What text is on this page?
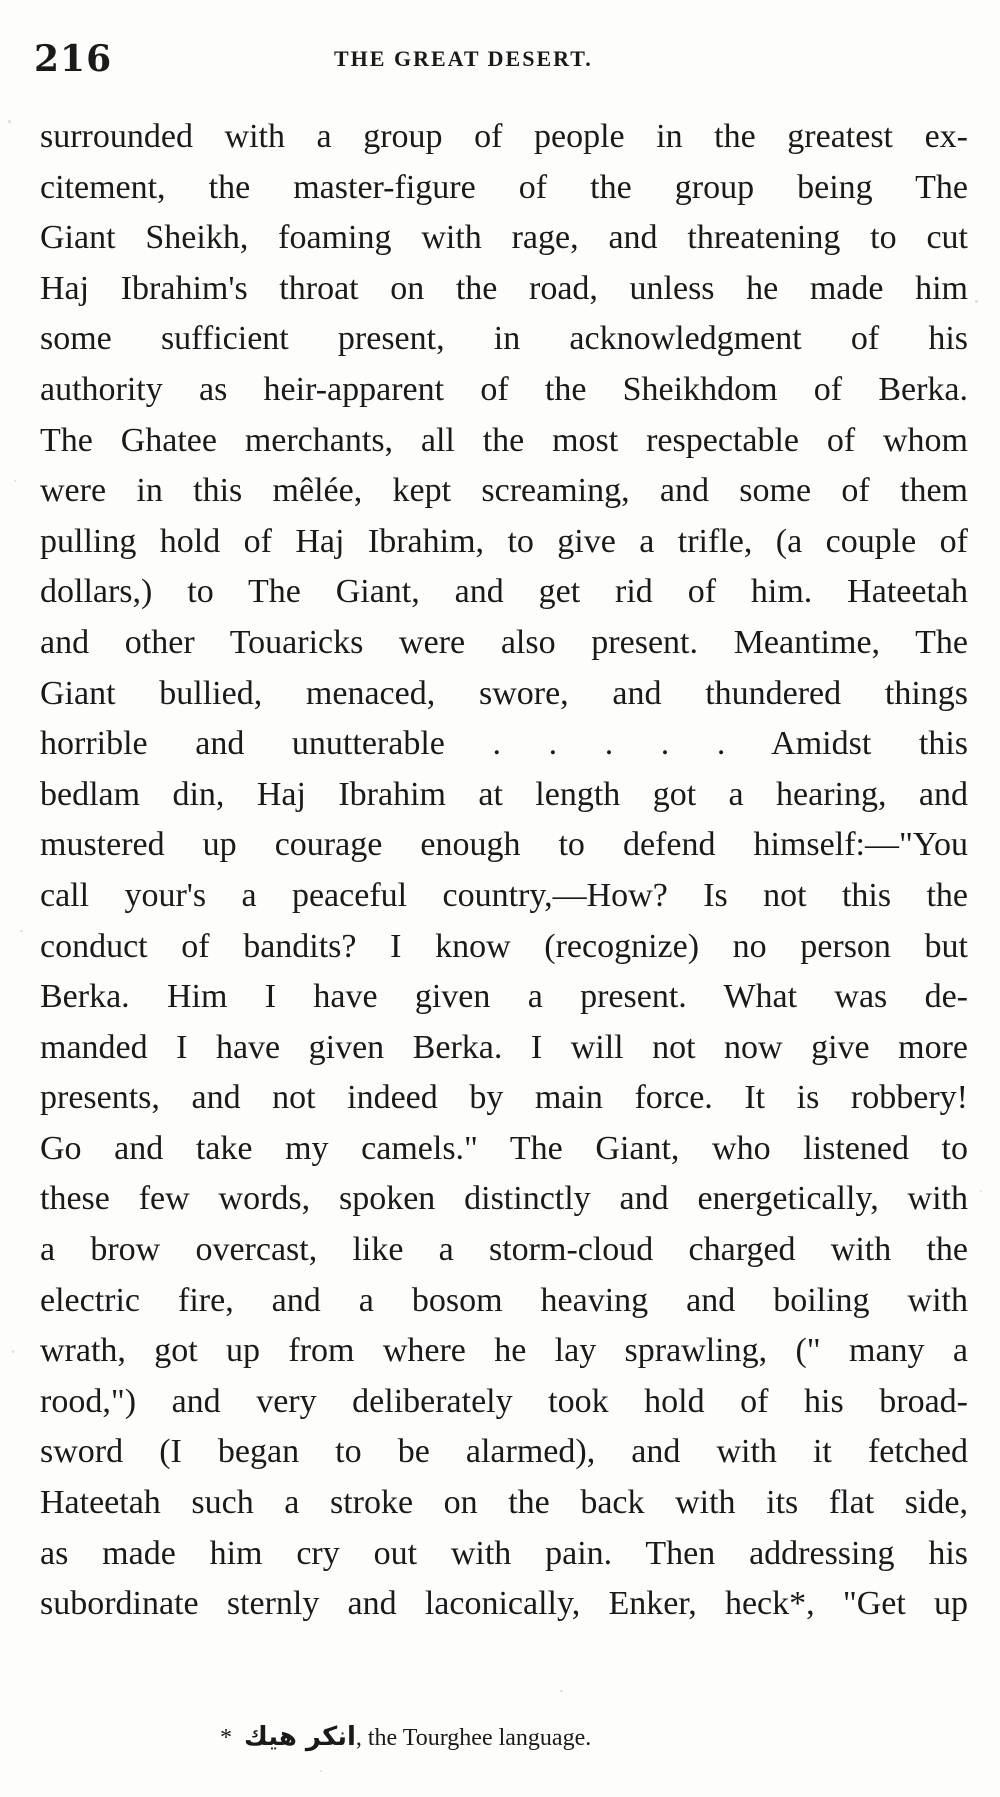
216	THE GREAT DESERT.
surrounded with a group of people in the greatest ex-
citement, the master-figure of the group being The
Giant Sheikh, foaming with rage, and threatening to cut
Haj Ibrahim's throat on the road, unless he made him
some sufficient present, in acknowledgment of his
authority as heir-apparent of the Sheikhdom of Berka.
The Ghatee merchants, all the most respectable of whom
were in this mêlée, kept screaming, and some of them
pulling hold of Haj Ibrahim, to give a trifle, (a couple of
dollars,) to The Giant, and get rid of him. Hateetah
and other Touaricks were also present. Meantime, The
Giant bullied, menaced, swore, and thundered things
horrible and unutterable . . . . . Amidst this
bedlam din, Haj Ibrahim at length got a hearing, and
mustered up courage enough to defend himself:—"You
call your's a peaceful country,—How? Is not this the
conduct of bandits? I know (recognize) no person but
Berka. Him I have given a present. What was de-
manded I have given Berka. I will not now give more
presents, and not indeed by main force. It is robbery!
Go and take my camels." The Giant, who listened to
these few words, spoken distinctly and energetically, with
a brow overcast, like a storm-cloud charged with the
electric fire, and a bosom heaving and boiling with
wrath, got up from where he lay sprawling, (" many a
rood,") and very deliberately took hold of his broad-
sword (I began to be alarmed), and with it fetched
Hateetah such a stroke on the back with its flat side,
as made him cry out with pain. Then addressing his
subordinate sternly and laconically, Enker, heck*, "Get up
* انكر هيك, the Tourghee language.
